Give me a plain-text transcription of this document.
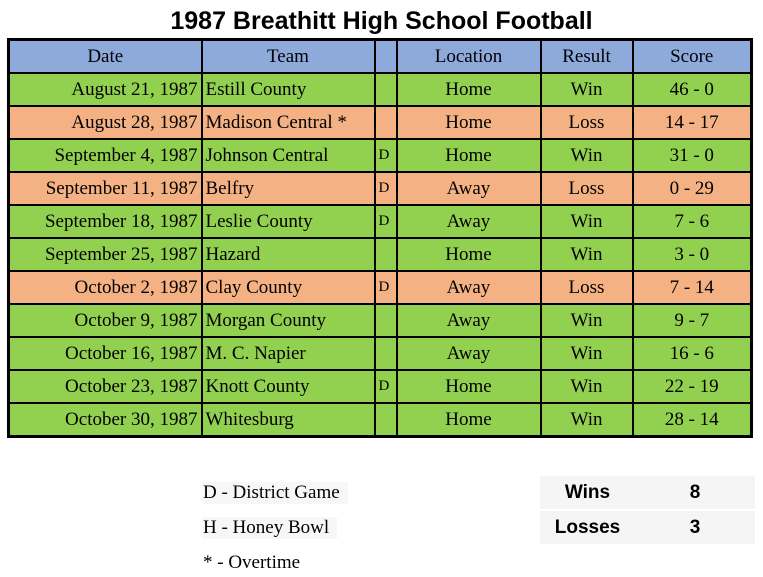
1987 Breathitt High School Football
Date	Team		Location	Result	Score
August 21, 1987	Estill County		Home	Win	46 - 0
August 28, 1987	Madison Central *		Home	Loss	14 - 17
September 4, 1987	Johnson Central	D	Home	Win	31 - 0
September 11, 1987	Belfry	D	Away	Loss	0 - 29
September 18, 1987	Leslie County	D	Away	Win	7 - 6
September 25, 1987	Hazard		Home	Win	3 - 0
October 2, 1987	Clay County	D	Away	Loss	7 - 14
October 9, 1987	Morgan County		Away	Win	9 - 7
October 16, 1987	M. C. Napier		Away	Win	16 - 6
October 23, 1987	Knott County	D	Home	Win	22 - 19
October 30, 1987	Whitesburg		Home	Win	28 - 14
D - District Game
H - Honey Bowl
* - Overtime
Wins	8
Losses	3
